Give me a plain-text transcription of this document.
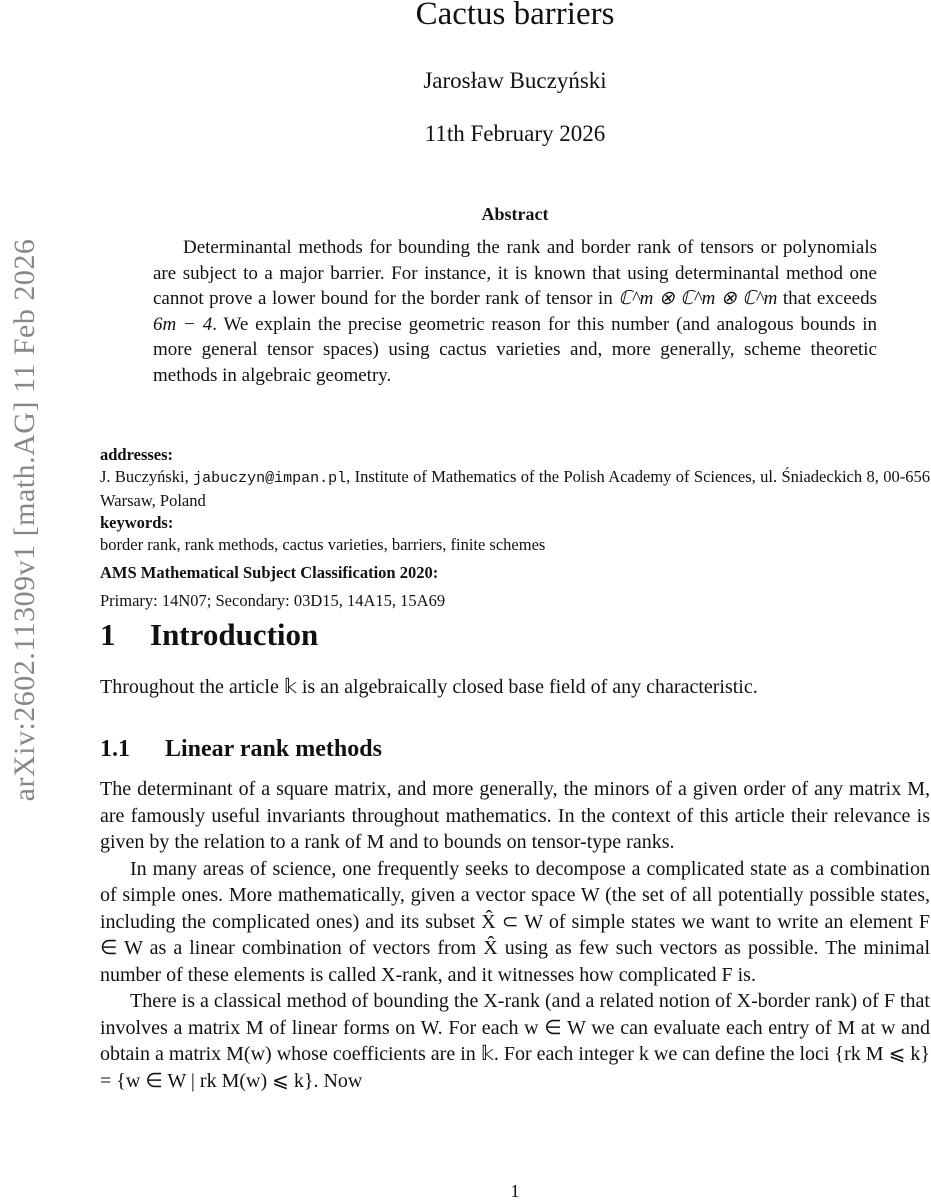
arXiv:2602.11309v1 [math.AG] 11 Feb 2026
Cactus barriers
Jarosław Buczyński
11th February 2026
Abstract

Determinantal methods for bounding the rank and border rank of tensors or polynomials are subject to a major barrier. For instance, it is known that using determinantal method one cannot prove a lower bound for the border rank of tensor in ℂ^m ⊗ ℂ^m ⊗ ℂ^m that exceeds 6m − 4. We explain the precise geometric reason for this number (and analogous bounds in more general tensor spaces) using cactus varieties and, more generally, scheme theoretic methods in algebraic geometry.

addresses:

J. Buczyński, jabuczyn@impan.pl, Institute of Mathematics of the Polish Academy of Sciences, ul. Śniadeckich 8, 00-656 Warsaw, Poland

keywords:

border rank, rank methods, cactus varieties, barriers, finite schemes

AMS Mathematical Subject Classification 2020:

Primary: 14N07; Secondary: 03D15, 14A15, 15A69

1 Introduction

Throughout the article 𝕜 is an algebraically closed base field of any characteristic.

1.1 Linear rank methods

The determinant of a square matrix, and more generally, the minors of a given order of any matrix M, are famously useful invariants throughout mathematics. In the context of this article their relevance is given by the relation to a rank of M and to bounds on tensor-type ranks.

In many areas of science, one frequently seeks to decompose a complicated state as a combination of simple ones. More mathematically, given a vector space W (the set of all potentially possible states, including the complicated ones) and its subset X̂ ⊂ W of simple states we want to write an element F ∈ W as a linear combination of vectors from X̂ using as few such vectors as possible. The minimal number of these elements is called X-rank, and it witnesses how complicated F is.

There is a classical method of bounding the X-rank (and a related notion of X-border rank) of F that involves a matrix M of linear forms on W. For each w ∈ W we can evaluate each entry of M at w and obtain a matrix M(w) whose coefficients are in 𝕜. For each integer k we can define the loci {rk M ⩽ k} = {w ∈ W | rk M(w) ⩽ k}. Now

1
